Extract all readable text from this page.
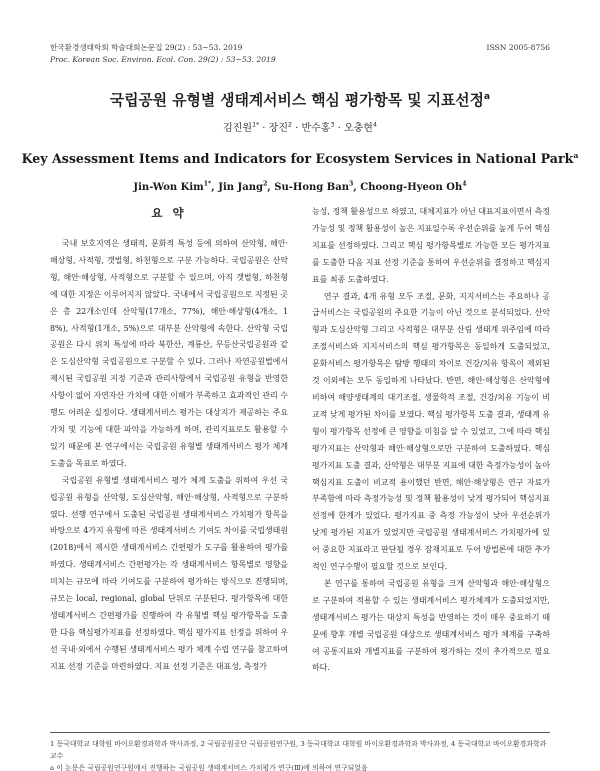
한국환경생태학회 학술대회논문집 29(2) : 53~53. 2019	ISSN 2005-8756
Proc. Korean Soc. Environ. Ecol. Con. 29(2) : 53~53. 2019
국립공원 유형별 생태계서비스 핵심 평가항목 및 지표선정$^a$
김진원$^{1*}$ · 장진$^2$ · 반수홍$^3$ · 오충현$^4$
Key Assessment Items and Indicators for Ecosystem Services in National Park$^a$
Jin-Won Kim$^{1*}$, Jin Jang$^2$, Su-Hong Ban$^3$, Choong-Hyeon Oh$^4$
요 약

국내 보호지역은 생태적, 문화적 특성 등에 의하여 산악형, 해안·해상형, 사적형, 갯벌형, 하천형으로 구분 가능하다. 국립공원은 산악형, 해안·해상형, 사적형으로 구분할 수 있으며, 아직 갯벌형, 하천형에 대한 지정은 이루어지지 않았다. 국내에서 국립공원으로 지정된 곳은 총 22개소인데 산악형(17개소, 77%), 해안·해상형(4개소, 18%), 사적형(1개소, 5%)으로 대부분 산악형에 속한다. 산악형 국립공원은 다시 위치 특성에 따라 북한산, 계룡산, 무등산국립공원과 같은 도심산악형 국립공원으로 구분할 수 있다. 그러나 자연공원법에서 제시된 국립공원 지정 기준과 관리사항에서 국립공원 유형을 반영한 사항이 없어 자연자산 가치에 대한 이해가 부족하고 효과적인 관리 수행도 어려운 실정이다. 생태계서비스 평가는 대상지가 제공하는 주요 가치 및 기능에 대한 파악을 가능하게 하며, 관리지표로도 활용할 수 있기 때문에 본 연구에서는 국립공원 유형별 생태계서비스 평가 체계 도출을 목표로 하였다.

국립공원 유형별 생태계서비스 평가 체계 도출을 위하여 우선 국립공원 유형을 산악형, 도심산악형, 해안·해상형, 사적형으로 구분하였다. 선행 연구에서 도출된 국립공원 생태계서비스 가치평가 항목을 바탕으로 4가지 유형에 따른 생태계서비스 기여도 차이를 국립생태원(2018)에서 제시한 생태계서비스 간편평가 도구를 활용하여 평가를 하였다. 생태계서비스 간편평가는 각 생태계서비스 항목별로 영향을 미치는 규모에 따라 기여도를 구분하여 평가하는 방식으로 진행되며, 규모는 local, regional, global 단위로 구분된다. 평가항목에 대한 생태계서비스 간편평가를 진행하여 각 유형별 핵심 평가항목을 도출한 다음 핵심평가지표를 선정하였다. 핵심 평가지표 선정을 위하여 우선 국내·외에서 수행된 생태계서비스 평가 체계 수립 연구를 참고하여 지표 선정 기준을 마련하였다. 지표 선정 기준은 대표성, 측정가

능성, 정책 활용성으로 하였고, 대체지표가 아닌 대표지표이면서 측정가능성 및 정책 활용성이 높은 지표일수록 우선순위를 높게 두어 핵심지표를 선정하였다. 그리고 핵심 평가항목별로 가능한 모든 평가지표를 도출한 다음 지표 선정 기준을 통하여 우선순위를 결정하고 핵심지표를 최종 도출하였다.

연구 결과, 4개 유형 모두 조절, 문화, 지지서비스는 주요하나 공급서비스는 국립공원의 주요한 기능이 아닌 것으로 분석되었다. 산악형과 도심산악형 그리고 사적형은 대부분 산림 생태계 위주임에 따라 조절서비스와 지지서비스의 핵심 평가항목은 동일하게 도출되었고, 문화서비스 평가항목은 탐방 행태의 차이로 건강/치유 항목이 제외된 것 이외에는 모두 동일하게 나타났다. 반면, 해안·해상형은 산악형에 비하여 해양생태계의 대기조절, 생물학적 조절, 건강/치유 기능이 비교적 낮게 평가된 차이를 보였다. 핵심 평가항목 도출 결과, 생태계 유형이 평가항목 선정에 큰 영향을 미침을 알 수 있었고, 그에 따라 핵심 평가지표는 산악형과 해안·해상형으로만 구분하여 도출하였다. 핵심 평가지표 도출 결과, 산악형은 대부분 지표에 대한 측정가능성이 높아 핵심지표 도출이 비교적 용이했던 반면, 해안·해상형은 연구 자료가 부족함에 따라 측정가능성 및 정책 활용성이 낮게 평가되어 핵심지표 선정에 한계가 있었다. 평가지표 중 측정 가능성이 낮아 우선순위가 낮게 평가된 지표가 있었지만 국립공원 생태계서비스 가치평가에 있어 중요한 지표라고 판단될 경우 잠재지표로 두어 방법론에 대한 추가적인 연구수행이 필요할 것으로 보인다.

본 연구를 통하여 국립공원 유형을 크게 산악형과 해안·해상형으로 구분하여 적용할 수 있는 생태계서비스 평가체계가 도출되었지만, 생태계서비스 평가는 대상지 특성을 반영하는 것이 매우 중요하기 때문에 향후 개별 국립공원 대상으로 생태계서비스 평가 체계를 구축하여 공통지표와 개별지표를 구분하여 평가하는 것이 추가적으로 필요하다.

1 동국대학교 대학원 바이오환경과학과 박사과정, 2 국립공원공단 국립공원연구원, 3 동국대학교 대학원 바이오환경과학과 박사과정, 4 동국대학교 바이오환경과학과 교수
a 이 논문은 국립공원연구원에서 진행하는 국립공원 생태계서비스 가치평가 연구(Ⅲ)에 의하여 연구되었음
